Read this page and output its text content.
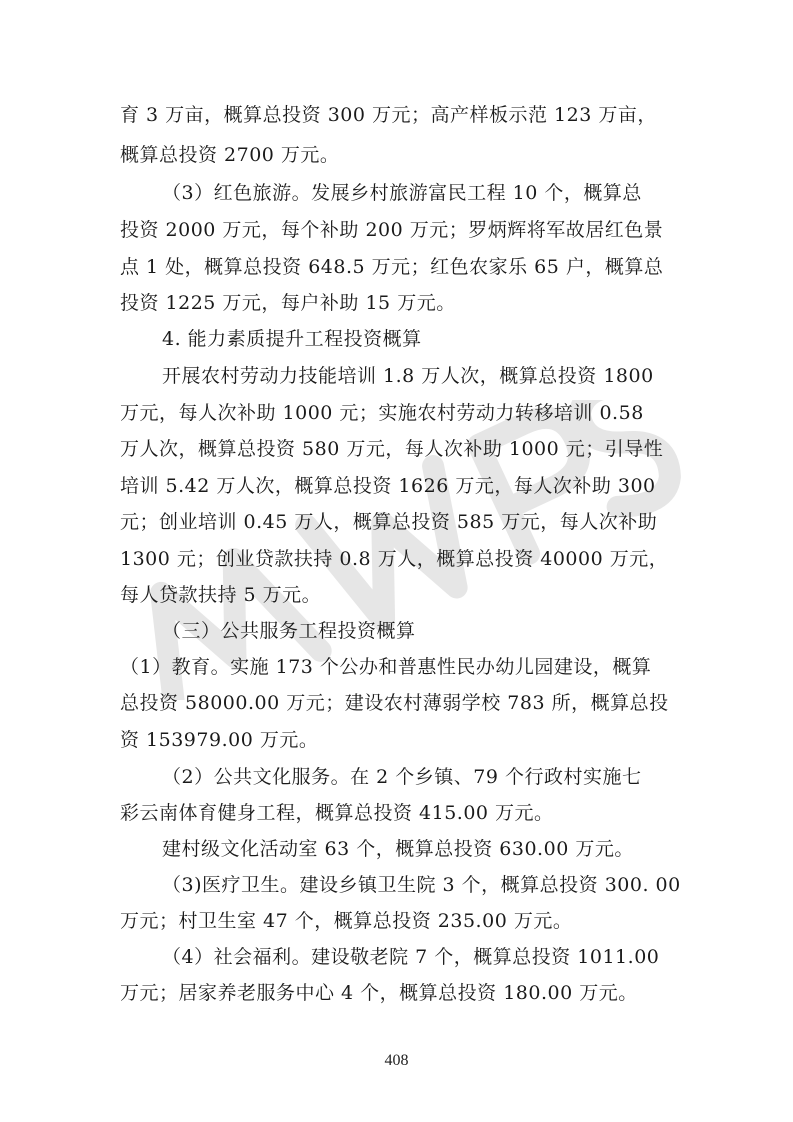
育 3 万亩，概算总投资 300 万元；高产样板示范 123 万亩，
概算总投资 2700 万元。
（3）红色旅游。发展乡村旅游富民工程 10 个，概算总
投资 2000 万元，每个补助 200 万元；罗炳辉将军故居红色景
点 1 处，概算总投资 648.5 万元；红色农家乐 65 户，概算总
投资 1225 万元，每户补助 15 万元。
4. 能力素质提升工程投资概算
开展农村劳动力技能培训 1.8 万人次，概算总投资 1800
万元，每人次补助 1000 元；实施农村劳动力转移培训 0.58
万人次，概算总投资 580 万元，每人次补助 1000 元；引导性
培训 5.42 万人次，概算总投资 1626 万元，每人次补助 300
元；创业培训 0.45 万人，概算总投资 585 万元，每人次补助
1300 元；创业贷款扶持 0.8 万人，概算总投资 40000 万元，
每人贷款扶持 5 万元。
（三）公共服务工程投资概算
（1）教育。实施 173 个公办和普惠性民办幼儿园建设，概算
总投资 58000.00 万元；建设农村薄弱学校 783 所，概算总投
资 153979.00 万元。
（2）公共文化服务。在 2 个乡镇、79 个行政村实施七
彩云南体育健身工程，概算总投资 415.00 万元。
建村级文化活动室 63 个，概算总投资 630.00 万元。
（3)医疗卫生。建设乡镇卫生院 3 个，概算总投资 300. 00
万元；村卫生室 47 个，概算总投资 235.00 万元。
（4）社会福利。建设敬老院 7 个，概算总投资 1011.00
万元；居家养老服务中心 4 个，概算总投资 180.00 万元。
408
